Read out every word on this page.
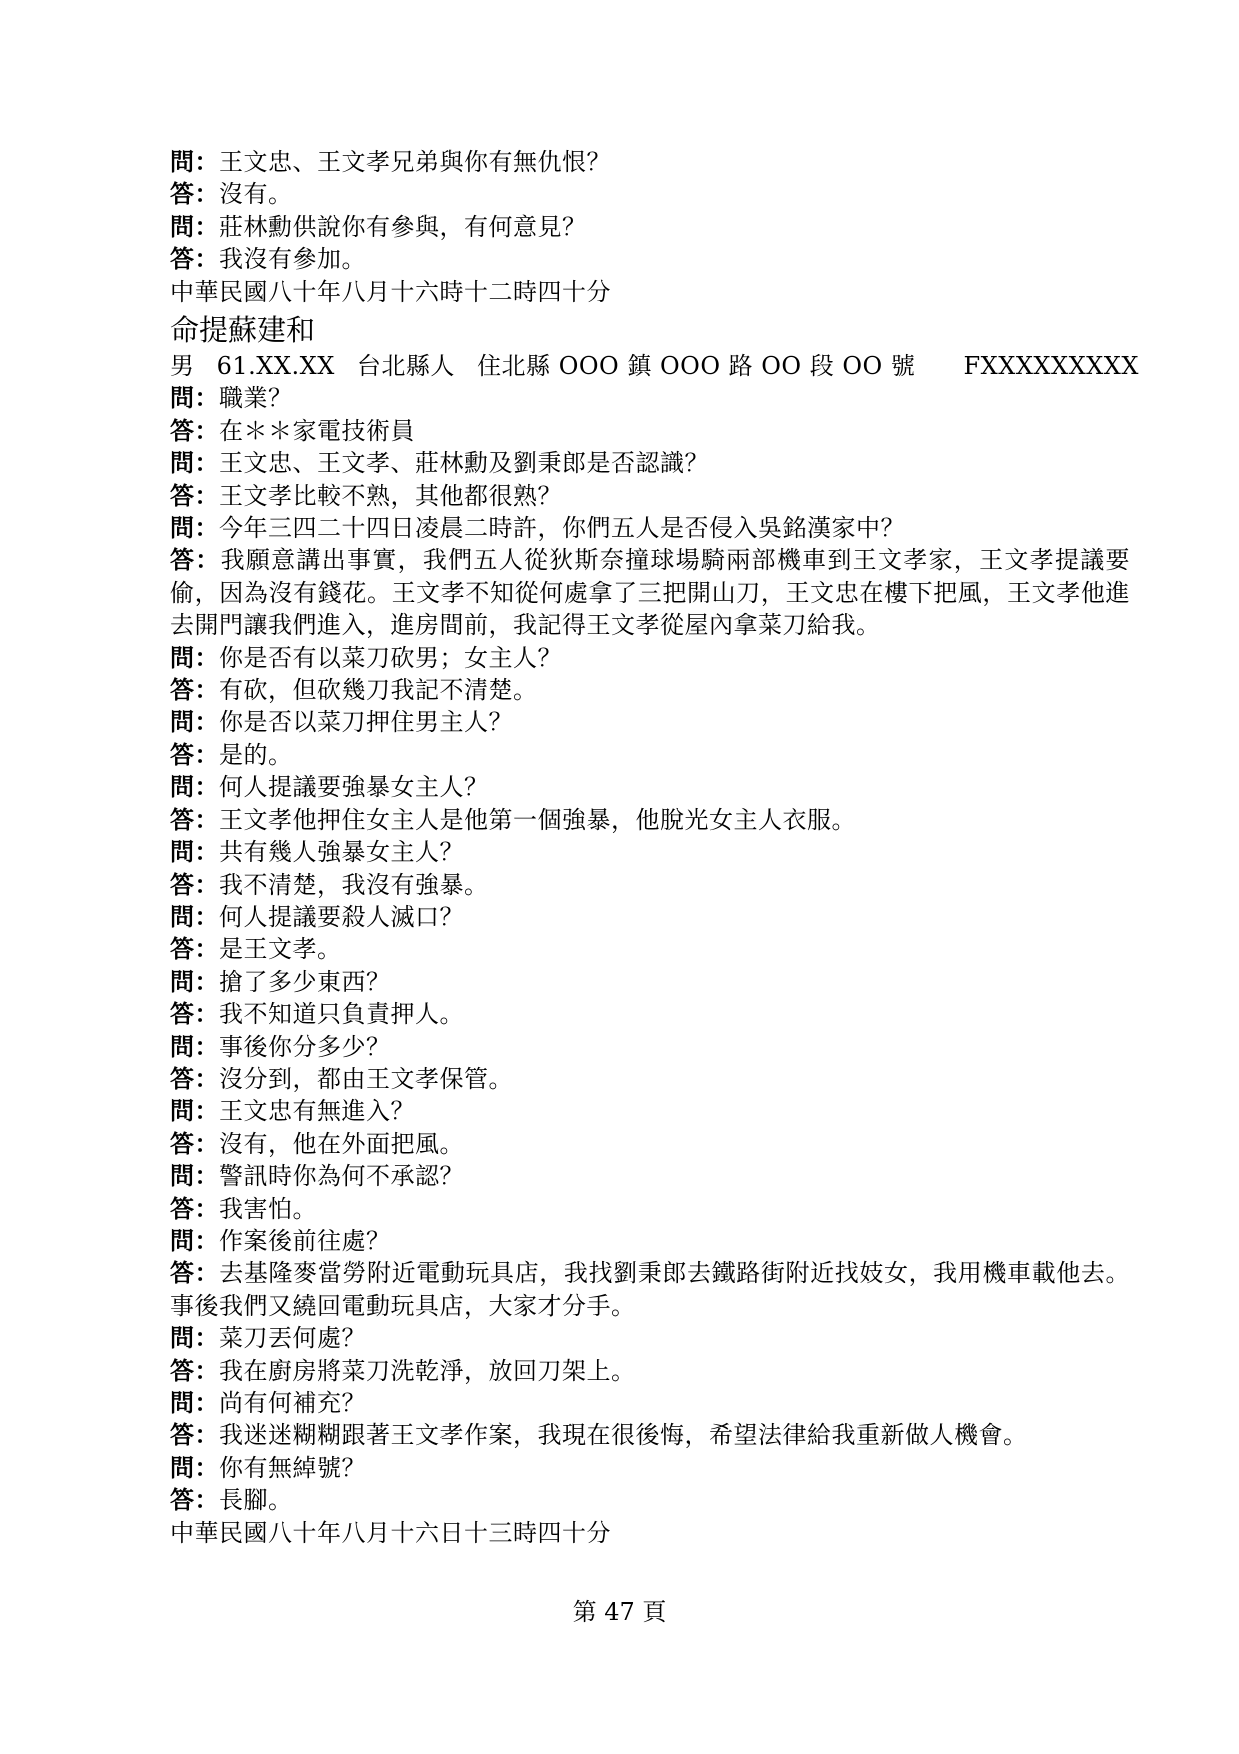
問：王文忠、王文孝兄弟與你有無仇恨？
答：沒有。
問：莊林勳供說你有參與，有何意見？
答：我沒有參加。
中華民國八十年八月十六時十二時四十分
命提蘇建和
男 61.XX.XX 台北縣人 住北縣 OOO 鎮 OOO 路 OO 段 OO 號 FXXXXXXXXX
問：職業？
答：在＊＊家電技術員
問：王文忠、王文孝、莊林勳及劉秉郎是否認識？
答：王文孝比較不熟，其他都很熟？
問：今年三四二十四日凌晨二時許，你們五人是否侵入吳銘漢家中？
答：我願意講出事實，我們五人從狄斯奈撞球場騎兩部機車到王文孝家，王文孝提議要偷，因為沒有錢花。王文孝不知從何處拿了三把開山刀，王文忠在樓下把風，王文孝他進去開門讓我們進入，進房間前，我記得王文孝從屋內拿菜刀給我。
問：你是否有以菜刀砍男；女主人？
答：有砍，但砍幾刀我記不清楚。
問：你是否以菜刀押住男主人？
答：是的。
問：何人提議要強暴女主人？
答：王文孝他押住女主人是他第一個強暴，他脫光女主人衣服。
問：共有幾人強暴女主人？
答：我不清楚，我沒有強暴。
問：何人提議要殺人滅口？
答：是王文孝。
問：搶了多少東西？
答：我不知道只負責押人。
問：事後你分多少？
答：沒分到，都由王文孝保管。
問：王文忠有無進入？
答：沒有，他在外面把風。
問：警訊時你為何不承認？
答：我害怕。
問：作案後前往處？
答：去基隆麥當勞附近電動玩具店，我找劉秉郎去鐵路街附近找妓女，我用機車載他去。事後我們又繞回電動玩具店，大家才分手。
問：菜刀丟何處？
答：我在廚房將菜刀洗乾淨，放回刀架上。
問：尚有何補充？
答：我迷迷糊糊跟著王文孝作案，我現在很後悔，希望法律給我重新做人機會。
問：你有無綽號？
答：長腳。
中華民國八十年八月十六日十三時四十分
第 47 頁
